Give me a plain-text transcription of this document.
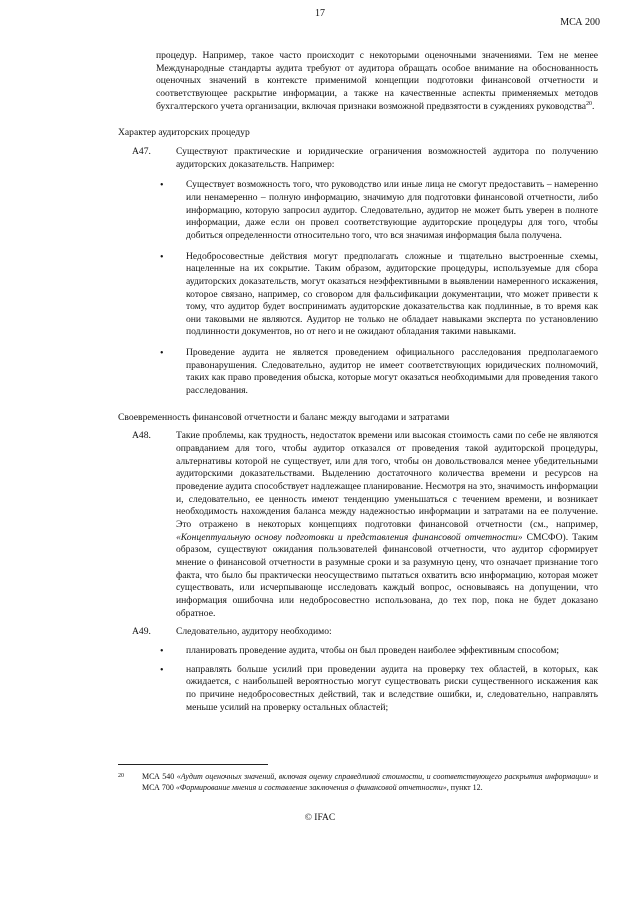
17
МСА 200

процедур. Например, такое часто происходит с некоторыми оценочными значениями. Тем не менее Международные стандарты аудита требуют от аудитора обращать особое внимание на обоснованность оценочных значений в контексте применимой концепции подготовки финансовой отчетности и соответствующее раскрытие информации, а также на качественные аспекты применяемых методов бухгалтерского учета организации, включая признаки возможной предвзятости в суждениях руководства$^{20}$.

Характер аудиторских процедур
A47.	Существуют практические и юридические ограничения возможностей аудитора по получению аудиторских доказательств. Например:

• Существует возможность того, что руководство или иные лица не смогут предоставить – намеренно или ненамеренно – полную информацию, значимую для подготовки финансовой отчетности, либо информацию, которую запросил аудитор. Следовательно, аудитор не может быть уверен в полноте информации, даже если он провел соответствующие аудиторские процедуры для того, чтобы добиться определенности относительно того, что вся значимая информация была получена.

• Недобросовестные действия могут предполагать сложные и тщательно выстроенные схемы, нацеленные на их сокрытие. Таким образом, аудиторские процедуры, используемые для сбора аудиторских доказательств, могут оказаться неэффективными в выявлении намеренного искажения, которое связано, например, со сговором для фальсификации документации, что может привести к тому, что аудитор будет воспринимать аудиторские доказательства как подлинные, в то время как они таковыми не являются. Аудитор не только не обладает навыками эксперта по установлению подлинности документов, но от него и не ожидают обладания такими навыками.

• Проведение аудита не является проведением официального расследования предполагаемого правонарушения. Следовательно, аудитор не имеет соответствующих юридических полномочий, таких как право проведения обыска, которые могут оказаться необходимыми для проведения такого расследования.

Своевременность финансовой отчетности и баланс между выгодами и затратами
A48.	Такие проблемы, как трудность, недостаток времени или высокая стоимость сами по себе не являются оправданием для того, чтобы аудитор отказался от проведения такой аудиторской процедуры, альтернативы которой не существует, или для того, чтобы он довольствовался менее убедительными аудиторскими доказательствами. Выделению достаточного количества времени и ресурсов на проведение аудита способствует надлежащее планирование. Несмотря на это, значимость информации и, следовательно, ее ценность имеют тенденцию уменьшаться с течением времени, и возникает необходимость нахождения баланса между надежностью информации и затратами на ее получение. Это отражено в некоторых концепциях подготовки финансовой отчетности (см., например, «Концептуальную основу подготовки и представления финансовой отчетности» СМСФО). Таким образом, существуют ожидания пользователей финансовой отчетности, что аудитор сформирует мнение о финансовой отчетности в разумные сроки и за разумную цену, что означает признание того факта, что было бы практически неосуществимо пытаться охватить всю информацию, которая может существовать, или исчерпывающе исследовать каждый вопрос, основываясь на допущении, что информация ошибочна или недобросовестно использована, до тех пор, пока не будет доказано обратное.

A49.	Следовательно, аудитору необходимо:

• планировать проведение аудита, чтобы он был проведен наиболее эффективным способом;

• направлять больше усилий при проведении аудита на проверку тех областей, в которых, как ожидается, с наибольшей вероятностью могут существовать риски существенного искажения как по причине недобросовестных действий, так и вследствие ошибки, и, следовательно, направлять меньше усилий на проверку остальных областей;

20	МСА 540 «Аудит оценочных значений, включая оценку справедливой стоимости, и соответствующего раскрытия информации» и МСА 700 «Формирование мнения и составление заключения о финансовой отчетности», пункт 12.
© IFAC
